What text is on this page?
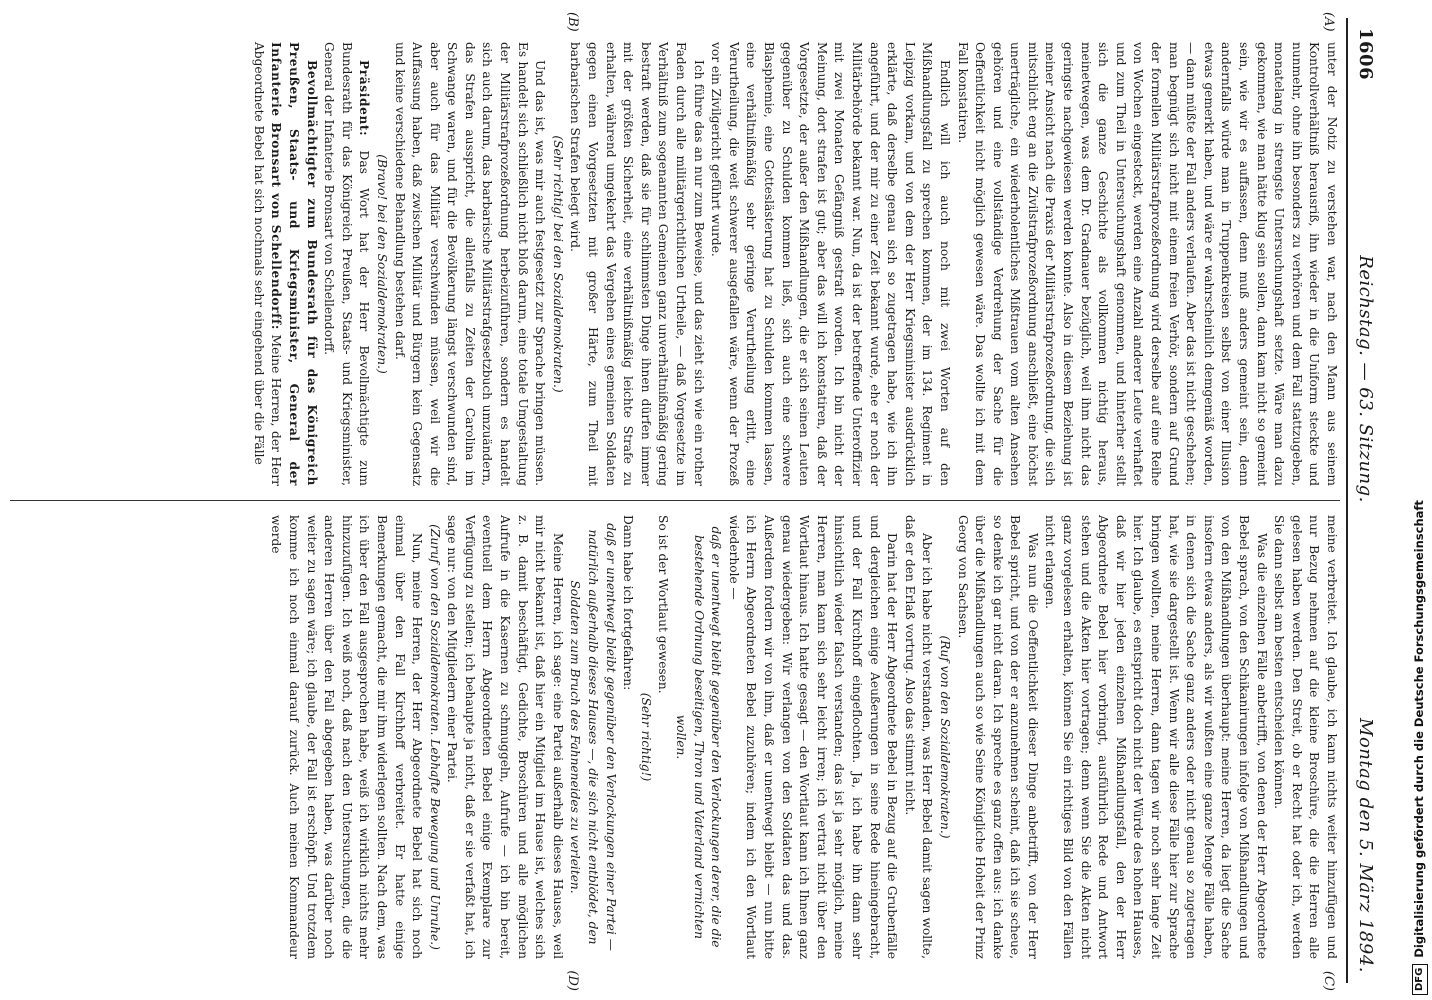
1606
Reichstag. — 63. Sitzung.
Montag den 5. März 1894.

unter der Notiz zu verstehen war, nach den Mann aus seinem Kontrollverhältniß herausriß, ihn wieder in die Uniform steckte und nunmehr, ohne ihn besonders zu verhören und dem Fall stattzugeben, monatelang in strengste Untersuchungshaft setzte. Wäre man dazu gekommen, wie man hätte klug sein sollen, dann kam nicht so gemeint sein, wie wir es auffassen, denn muß anders gemeint sein, denn andernfalls würde man in Truppenkreisen selbst von einer Illusion etwas gemerkt haben, und wäre er wahrscheinlich demgemäß worden, — dann müßte der Fall anders verlaufen. Aber das ist nicht geschehen; man begnügt sich nicht mit einem freien Verhör, sondern auf Grund der formellen Militärstrafprozeßordnung wird derselbe auf eine Reihe von Wochen eingesteckt, werden eine Anzahl anderer Leute verhaftet und zum Theil in Untersuchungshaft genommen, und hinterher stellt sich die ganze Geschichte als vollkommen nichtig heraus, meinetwegen, was dem Dr. Gradnauer bezüglich, weil ihm nicht das geringste nachgewiesen werden konnte. Also in diesem Beziehung ist meiner Ansicht nach die Praxis der Militärstrafprozeßordnung, die sich mitschlicht eng an die Zivilstrafprozeßordnung anschließt, eine höchst unerträgliche, ein wiederholentliches Mißtrauen vom alten Ansehen gehören und eine vollständige Verdrehung der Sache für die Oeffentlichkeit nicht möglich gewesen wäre. Das wollte ich mit dem Fall konstatiren.

Endlich will ich auch noch mit zwei Worten auf den Mißhandlungsfall zu sprechen kommen, der im 134. Regiment in Leipzig vorkam, und von dem der Herr Kriegsminister ausdrücklich erklärte, daß derselbe genau sich so zugetragen habe, wie ich ihn angeführt, und der mir zu einer Zeit bekannt wurde, ehe er noch der Militärbehörde bekannt war. Nun, da ist der betreffende Unteroffizier mit zwei Monaten Gefängniß gestraft worden. Ich bin nicht der Meinung, dort strafen ist gut; aber das will ich konstatiren, daß der Vorgesetzte, der außer den Mißhandlungen, die er sich seinen Leuten gegenüber zu Schulden kommen ließ, sich auch eine schwere Blasphemie, eine Gotteslästerung hat zu Schulden kommen lassen, eine verhältnißmäßig sehr geringe Verurtheilung erlitt, eine Verurtheilung, die weit schwerer ausgefallen wäre, wenn der Prozeß vor ein Zivilgericht geführt wurde.

Ich führe das an nur zum Beweise, und das zieht sich wie ein rother Faden durch alle militärgerichtlichen Urtheile, — daß Vorgesetzte im Verhältniß zum sogenannten Gemeinen ganz unverhältnißmäßig gering bestraft werden, daß sie für schlimmsten Dinge ihnen dürfen immer mit der größten Sicherheit, eine verhältnißmäßig leichte Strafe zu erhalten, während umgekehrt das Vergehen eines gemeinen Soldaten gegen einen Vorgesetzten mit großer Härte, zum Theil mit barbarischen Strafen belegt wird.

(Sehr richtig! bei den Sozialdemokraten.)

Und das ist, was mir auch festgesetzt zur Sprache bringen müssen. Es handelt sich schließlich nicht bloß darum, eine totale Umgestaltung der Militärstrafprozeßordnung herbeizuführen, sondern es handelt sich auch darum, das barbarische Militärstrafgesetzbuch umzuändern, das Strafen ausspricht, die allenfalls zu Zeiten der Carolina im Schwange waren, und für die Bevölkerung längst verschwunden sind, aber auch für das Militär verschwinden müssen, weil wir die Auffassung haben, daß zwischen Militär und Bürgern kein Gegensatz und keine verschiedene Behandlung bestehen darf.

(Bravo! bei den Sozialdemokraten.)

Präsident: Das Wort hat der Herr Bevollmächtigte zum Bundesrath für das Königreich Preußen, Staats- und Kriegsminister, General der Infanterie Bronsart von Schellendorff.

Bevollmächtigter zum Bundesrath für das Königreich Preußen, Staats- und Kriegsminister, General der Infanterie Bronsart von Schellendorff: Meine Herren, der Herr Abgeordnete Bebel hat sich nochmals sehr eingehend über die Fälle

meine verbreitet. Ich glaube, ich kann nichts weiter hinzufügen und nur Bezug nehmen auf die kleine Broschüre, die die Herren alle gelesen haben werden. Den Streit, ob er Recht hat oder ich, werden Sie dann selbst am besten entscheiden können.

Was die einzelnen Fälle anbetrifft, von denen der Herr Abgeordnete Bebel sprach, von den Schikanirungen infolge von Mißhandlungen und von den Mißhandlungen überhaupt: meine Herren, da liegt die Sache insofern etwas anders, als wir wußten eine ganze Menge Fälle haben, in denen sich die Sache ganz anders oder nicht genau so zugetragen hat, wie sie dargestellt ist. Wenn wir alle diese Fälle hier zur Sprache bringen wollten, meine Herren, dann tagen wir noch sehr lange Zeit hier. Ich glaube, es entspricht doch nicht der Würde des hohen Hauses, daß wir hier jeden einzelnen Mißhandlungsfall, den der Herr Abgeordnete Bebel hier vorbringt, ausführlich Rede und Antwort stehen und die Akten hier vortragen; denn wenn Sie die Akten nicht ganz vorgelesen erhalten, können Sie ein richtiges Bild von den Fällen nicht erlangen.

Was nun die Oeffentlichkeit dieser Dinge anbetrifft, von der Herr Bebel spricht, und von der er anzunehmen scheint, daß ich sie scheue, so denke ich gar nicht daran. Ich spreche es ganz offen aus: ich danke über die Mißhandlungen auch so wie Seine Königliche Hoheit der Prinz Georg von Sachsen.

(Ruf von den Sozialdemokraten.)

Aber ich habe nicht verstanden, was Herr Bebel damit sagen wollte, daß er den Erlaß vortrug. Also das stimmt nicht.

Darin hat der Herr Abgeordnete Bebel in Bezug auf die Grubenfälle und dergleichen einige Aeußerungen in seine Rede hineingebracht, und der Fall Kirchhoff eingeflochten. Ja, ich habe ihn dann sehr hinsichtlich wieder falsch verstanden; das ist ja sehr möglich, meine Herren, man kann sich sehr leicht irren; ich vertrat nicht über den Wortlaut hinaus. Ich hatte gesagt — den Wortlaut kann ich Ihnen ganz genau wiedergeben: Wir verlangen von den Soldaten das und das. Außerdem fordern wir von ihm, daß er unentwegt bleibt — nun bitte ich Herrn Abgeordneten Bebel zuzuhören; indem ich den Wortlaut wiederhole —

daß er unentwegt bleibt gegenüber den Verlockungen derer, die die bestehende Ordnung beseitigen, Thron und Vaterland vernichten wollen.

So ist der Wortlaut gewesen.

(Sehr richtig!)

Dann habe ich fortgefahren:

daß er unentwegt bleibt gegenüber den Verlockungen einer Partei — natürlich außerhalb dieses Hauses —, die sich nicht entblödet, den Soldaten zum Bruch des Fahneneides zu verleiten.

Meine Herren, ich sage: eine Partei außerhalb dieses Hauses, weil mir nicht bekannt ist, daß hier ein Mitglied im Hause ist, welches sich z. B. damit beschäftigt, Gedichte, Broschüren und alle möglichen Aufrufe in die Kasernen zu schmuggeln, Aufrufe — ich bin bereit, eventuell dem Herrn Abgeordneten Bebel einige Exemplare zur Verfügung zu stellen; ich behaupte ja nicht, daß er sie verfaßt hat, ich sage nur: von den Mitgliedern einer Partei.

(Zuruf von den Sozialdemokraten. Lebhafte Bewegung und Unruhe.)

Nun, meine Herren, der Herr Abgeordnete Bebel hat sich noch einmal über den Fall Kirchhoff verbreitet. Er hatte einige Bemerkungen gemacht, die mir ihm widerlegen sollten. Nach dem, was ich über den Fall ausgesprochen habe, weiß ich wirklich nichts mehr hinzuzufügen. Ich weiß noch, daß nach den Untersuchungen, die die anderen Herren über den Fall abgegeben haben, was darüber noch weiter zu sagen wäre; ich glaube, der Fall ist erschöpft. Und trotzdem komme ich noch einmal darauf zurück. Auch meinen Kommandeur werde

(A)
(B)
(C)
(D)	DFGDigitalisierung gefördert durch die Deutsche Forschungsgemeinschaft
